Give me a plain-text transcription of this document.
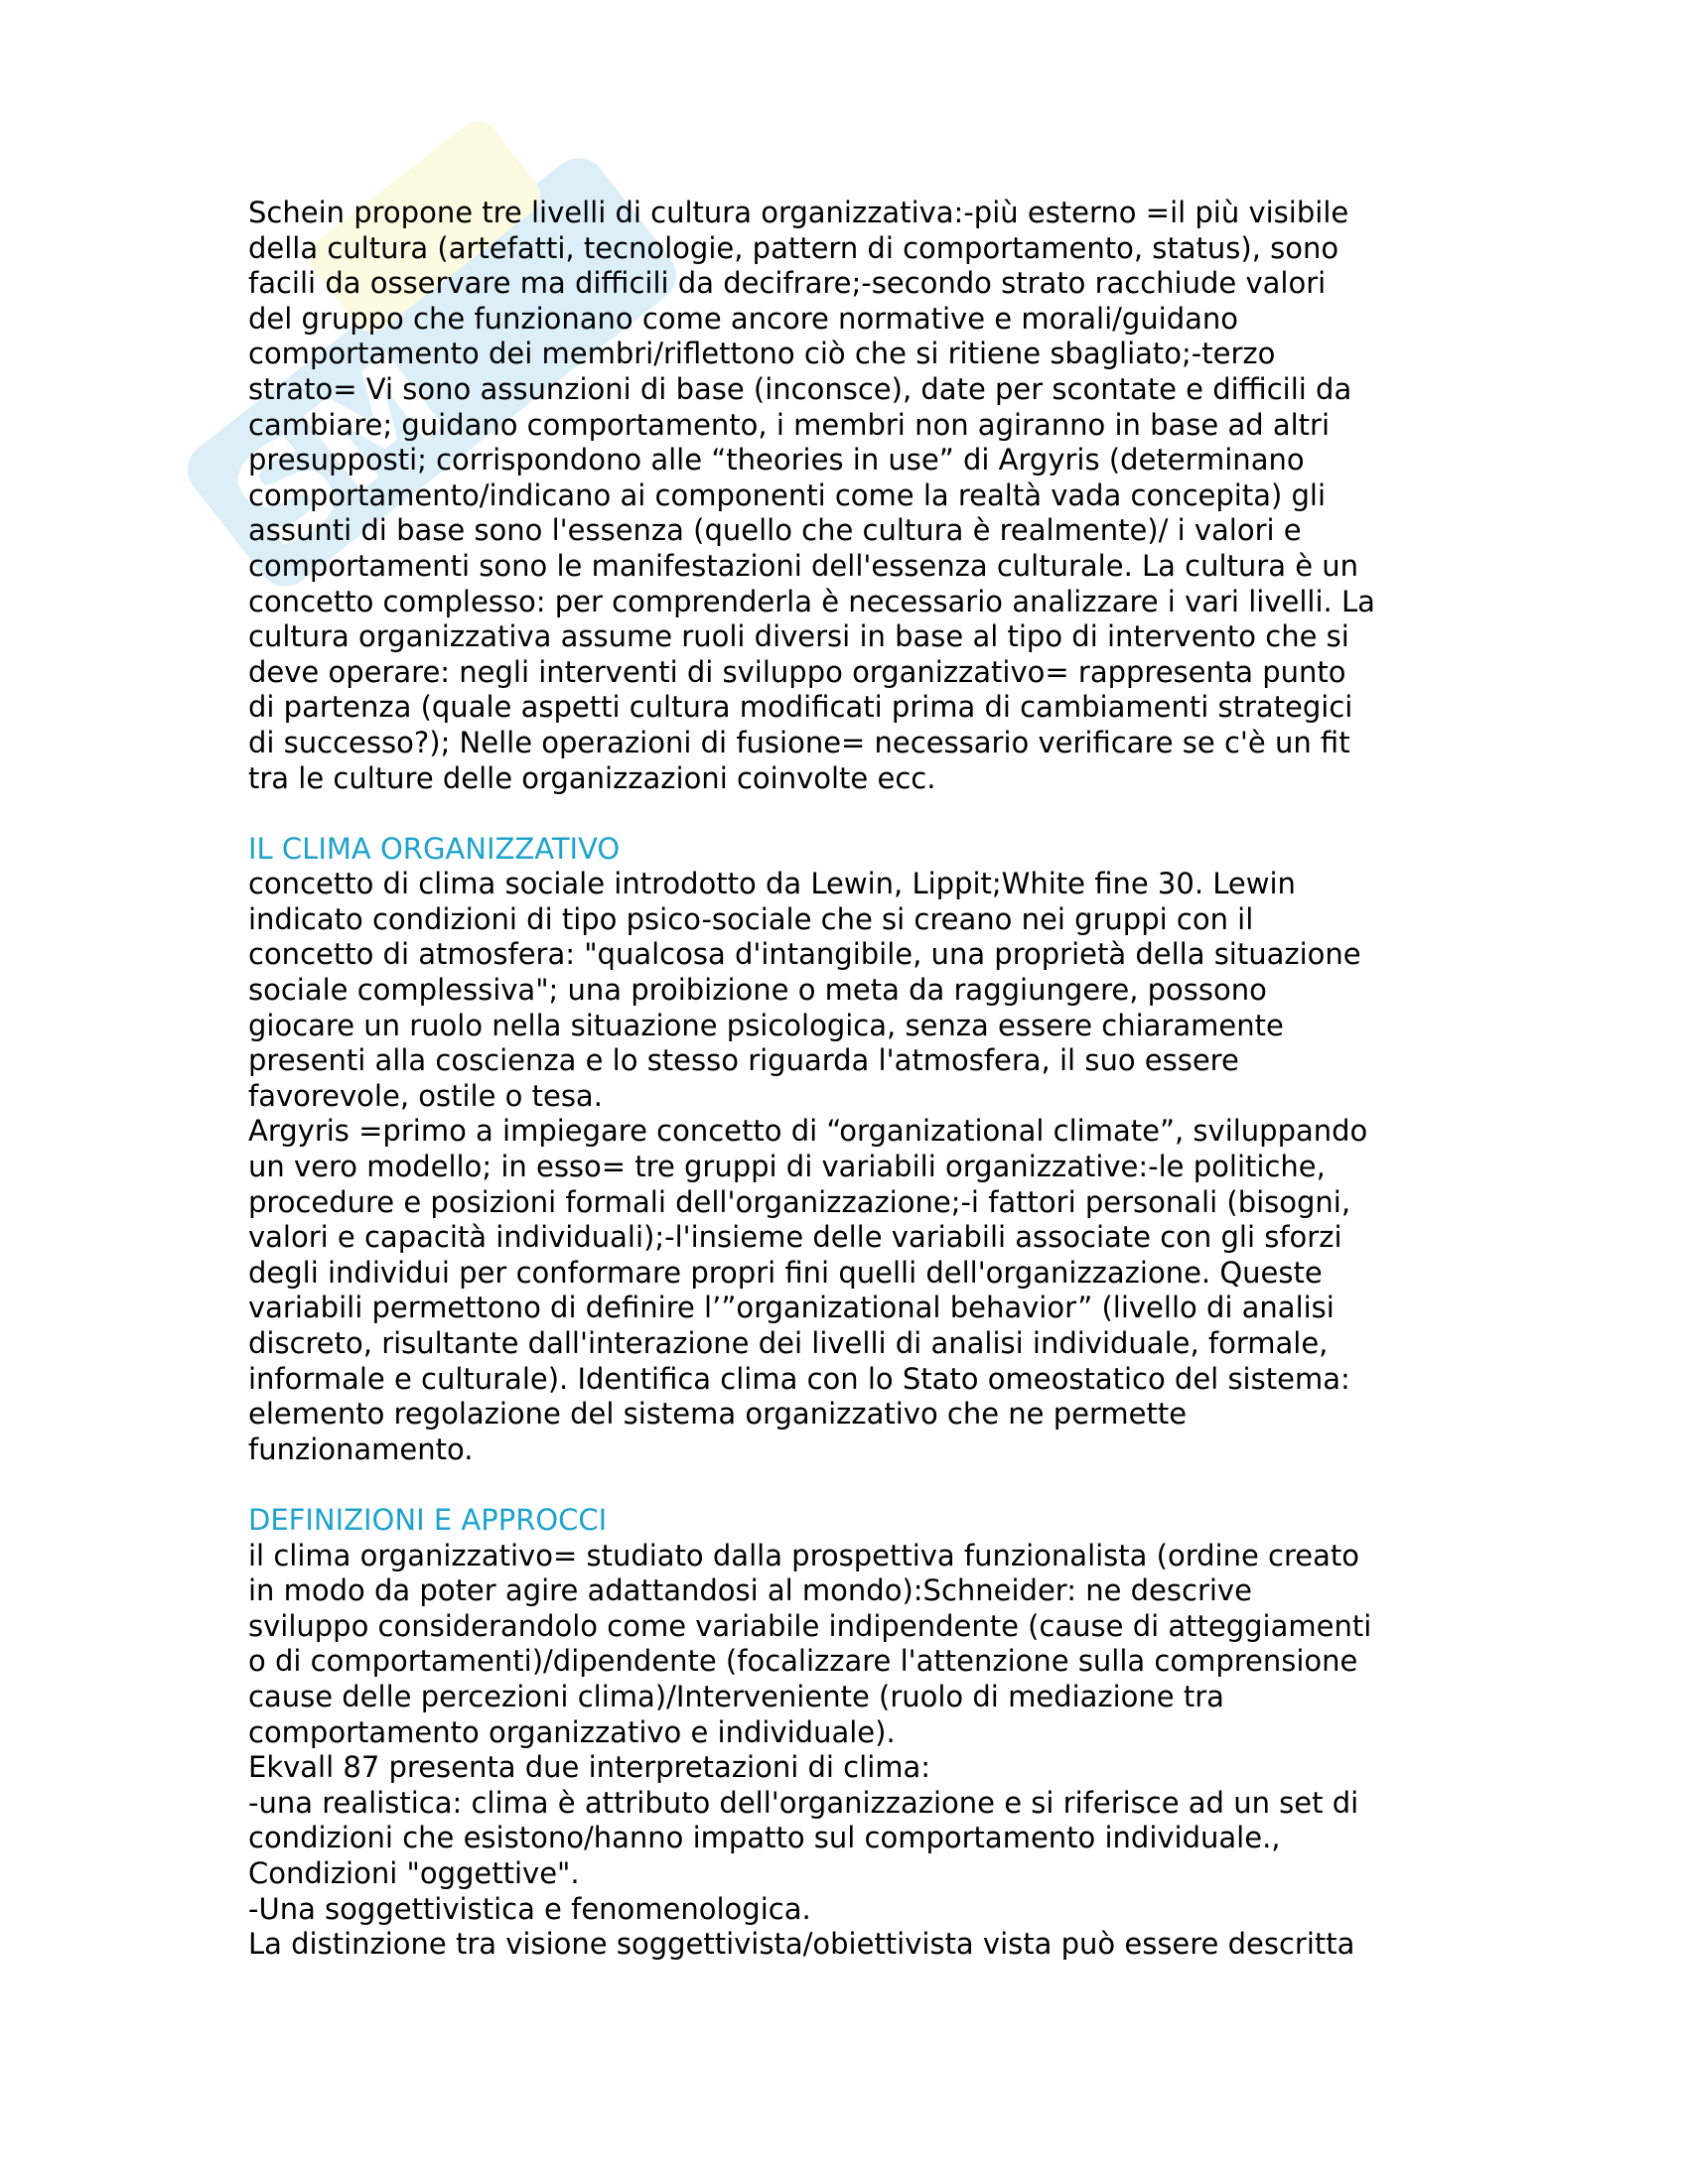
SM

Schein propone tre livelli di cultura organizzativa:-più esterno =il più visibile
della cultura (artefatti, tecnologie, pattern di comportamento, status), sono
facili da osservare ma difficili da decifrare;-secondo strato racchiude valori
del gruppo che funzionano come ancore normative e morali/guidano
comportamento dei membri/riflettono ciò che si ritiene sbagliato;-terzo
strato= Vi sono assunzioni di base (inconsce), date per scontate e difficili da
cambiare; guidano comportamento, i membri non agiranno in base ad altri
presupposti; corrispondono alle “theories in use” di Argyris (determinano
comportamento/indicano ai componenti come la realtà vada concepita) gli
assunti di base sono l'essenza (quello che cultura è realmente)/ i valori e
comportamenti sono le manifestazioni dell'essenza culturale. La cultura è un
concetto complesso: per comprenderla è necessario analizzare i vari livelli. La
cultura organizzativa assume ruoli diversi in base al tipo di intervento che si
deve operare: negli interventi di sviluppo organizzativo= rappresenta punto
di partenza (quale aspetti cultura modificati prima di cambiamenti strategici
di successo?); Nelle operazioni di fusione= necessario verificare se c'è un fit
tra le culture delle organizzazioni coinvolte ecc.

IL CLIMA ORGANIZZATIVO

concetto di clima sociale introdotto da Lewin, Lippit;White fine 30. Lewin
indicato condizioni di tipo psico-sociale che si creano nei gruppi con il
concetto di atmosfera: "qualcosa d'intangibile, una proprietà della situazione
sociale complessiva"; una proibizione o meta da raggiungere, possono
giocare un ruolo nella situazione psicologica, senza essere chiaramente
presenti alla coscienza e lo stesso riguarda l'atmosfera, il suo essere
favorevole, ostile o tesa.

Argyris =primo a impiegare concetto di “organizational climate”, sviluppando
un vero modello; in esso= tre gruppi di variabili organizzative:-le politiche,
procedure e posizioni formali dell'organizzazione;-i fattori personali (bisogni,
valori e capacità individuali);-l'insieme delle variabili associate con gli sforzi
degli individui per conformare propri fini quelli dell'organizzazione. Queste
variabili permettono di definire l’”organizational behavior” (livello di analisi
discreto, risultante dall'interazione dei livelli di analisi individuale, formale,
informale e culturale). Identifica clima con lo Stato omeostatico del sistema:
elemento regolazione del sistema organizzativo che ne permette
funzionamento.

DEFINIZIONI E APPROCCI

il clima organizzativo= studiato dalla prospettiva funzionalista (ordine creato
in modo da poter agire adattandosi al mondo):Schneider: ne descrive
sviluppo considerandolo come variabile indipendente (cause di atteggiamenti
o di comportamenti)/dipendente (focalizzare l'attenzione sulla comprensione
cause delle percezioni clima)/Interveniente (ruolo di mediazione tra
comportamento organizzativo e individuale).

Ekvall 87 presenta due interpretazioni di clima:

-una realistica: clima è attributo dell'organizzazione e si riferisce ad un set di
condizioni che esistono/hanno impatto sul comportamento individuale.,
Condizioni "oggettive".

-Una soggettivistica e fenomenologica.

La distinzione tra visione soggettivista/obiettivista vista può essere descritta
